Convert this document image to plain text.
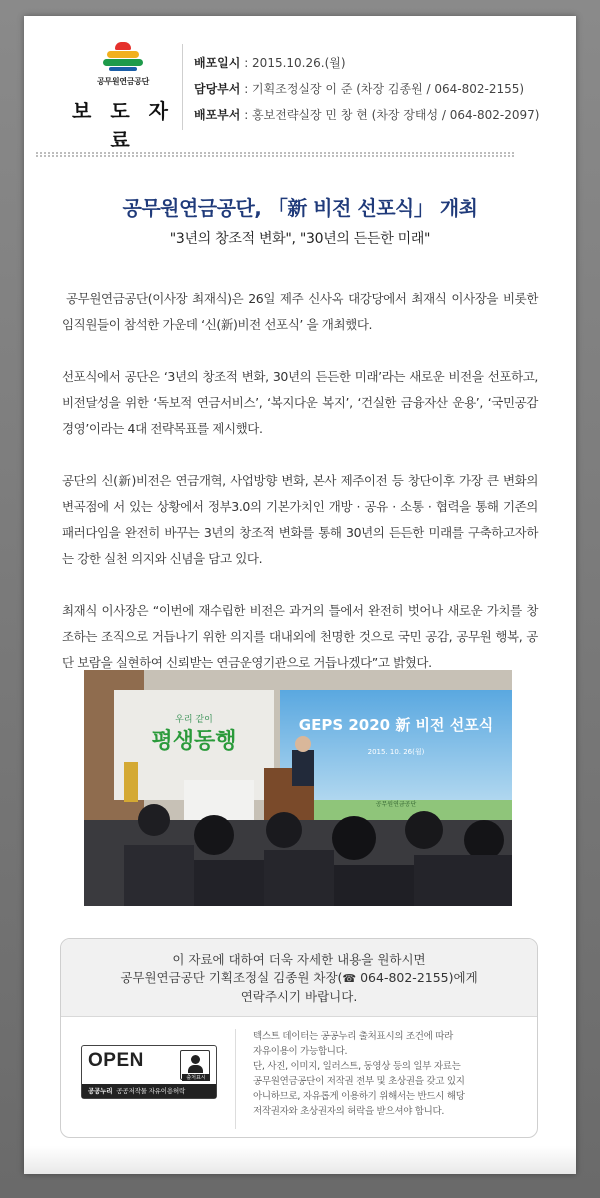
공무원연금공단
보 도 자 료
배포일시 : 2015.10.26.(월)
담당부서 : 기획조정실장 이 준 (차장 김종원 / 064-802-2155)
배포부서 : 홍보전략실장 민 창 현 (차장 장태성 / 064-802-2097)
공무원연금공단, 「新 비전 선포식」 개최
"3년의 창조적 변화", "30년의 든든한 미래"

공무원연금공단(이사장 최재식)은 26일 제주 신사옥 대강당에서 최재식 이사장을 비롯한 임직원들이 참석한 가운데 ‘신(新)비전 선포식’ 을 개최했다.

선포식에서 공단은 ‘3년의 창조적 변화, 30년의 든든한 미래’라는 새로운 비전을 선포하고, 비전달성을 위한 ‘독보적 연금서비스’, ‘복지다운 복지’, ‘건실한 금융자산 운용’, ‘국민공감 경영’이라는 4대 전략목표를 제시했다.

공단의 신(新)비전은 연금개혁, 사업방향 변화, 본사 제주이전 등 창단이후 가장 큰 변화의 변곡점에 서 있는 상황에서 정부3.0의 기본가치인 개방 · 공유 · 소통 · 협력을 통해 기존의 패러다임을 완전히 바꾸는 3년의 창조적 변화를 통해 30년의 든든한 미래를 구축하고자하는 강한 실천 의지와 신념을 담고 있다.

최재식 이사장은 “이번에 재수립한 비전은 과거의 틀에서 완전히 벗어나 새로운 가치를 창조하는 조직으로 거듭나기 위한 의지를 대내외에 천명한 것으로 국민 공감, 공무원 행복, 공단 보람을 실현하여 신뢰받는 연금운영기관으로 거듭나겠다”고 밝혔다.

우리 같이
평생동행
GEPS 2020 新 비전 선포식
2015. 10. 26(월)
공무원연금공단
이 자료에 대하여 더욱 자세한 내용을 원하시면
공무원연금공단 기획조정실 김종원 차장(☎ 064-802-2155)에게
연락주시기 바랍니다.
OPEN
출처표시
공공누리 공공저작물 자유이용허락
텍스트 데이터는 공공누리 출처표시의 조건에 따라
자유이용이 가능합니다.
단, 사진, 이미지, 일러스트, 동영상 등의 일부 자료는
공무원연금공단이 저작권 전부 및 초상권을 갖고 있지
아니하므로, 자유롭게 이용하기 위해서는 반드시 해당
저작권자와 초상권자의 허락을 받으셔야 합니다.
